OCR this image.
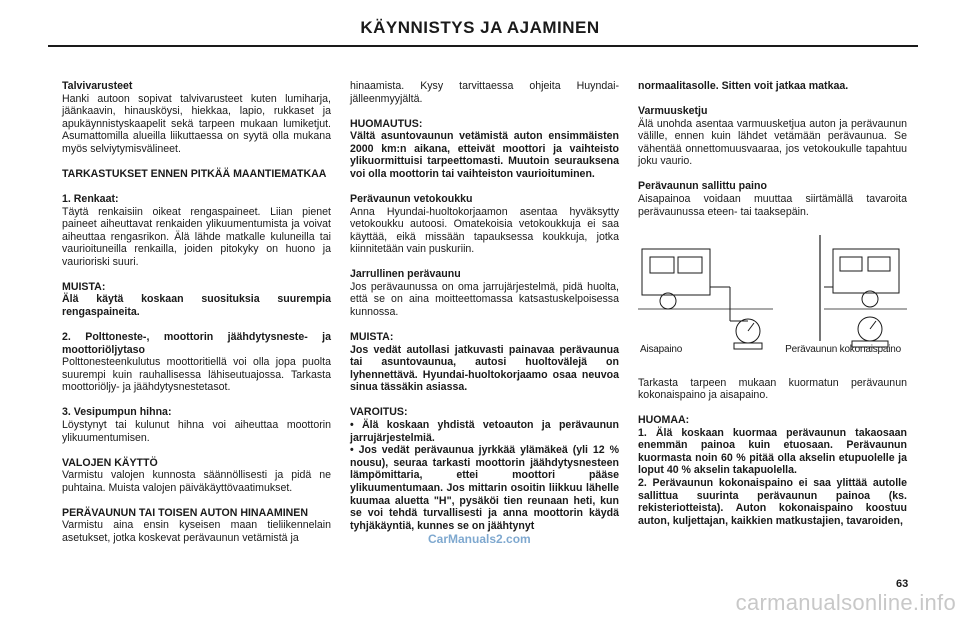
KÄYNNISTYS JA AJAMINEN

Talvivarusteet

Hanki autoon sopivat talvivarusteet kuten lumiharja, jäänkaavin, hinausköysi, hiekkaa, lapio, rukkaset ja apukäynnistyskaapelit sekä tarpeen mukaan lumiketjut. Asumattomilla alueilla liikuttaessa on syytä olla mukana myös selviytymisvälineet.

TARKASTUKSET ENNEN PITKÄÄ MAANTIEMATKAA

1. Renkaat:

Täytä renkaisiin oikeat rengaspaineet. Liian pienet paineet aiheuttavat renkaiden ylikuumentumista ja voivat aiheuttaa rengasrikon. Älä lähde matkalle kuluneilla tai vaurioituneilla renkailla, joiden pitokyky on huono ja vaurioriski suuri.

MUISTA:

Älä käytä koskaan suosituksia suurempia rengaspaineita.

2. Polttoneste-, moottorin jäähdytysneste- ja moottoriöljytaso

Polttonesteenkulutus moottoritiellä voi olla jopa puolta suurempi kuin rauhallisessa lähiseutuajossa. Tarkasta moottoriöljy- ja jäähdytysnestetasot.

3. Vesipumpun hihna:

Löystynyt tai kulunut hihna voi aiheuttaa moottorin ylikuumentumisen.

VALOJEN KÄYTTÖ

Varmistu valojen kunnosta säännöllisesti ja pidä ne puhtaina. Muista valojen päiväkäyttövaatimukset.

PERÄVAUNUN TAI TOISEN AUTON HINAAMINEN

Varmistu aina ensin kyseisen maan tieliikennelain asetukset, jotka koskevat perävaunun vetämistä ja

hinaamista. Kysy tarvittaessa ohjeita Huyndai-jälleenmyyjältä.

HUOMAUTUS:

Vältä asuntovaunun vetämistä auton ensimmäisten 2000 km:n aikana, etteivät moottori ja vaihteisto ylikuormittuisi tarpeettomasti. Muutoin seurauksena voi olla moottorin tai vaihteiston vaurioituminen.

Perävaunun vetokoukku

Anna Hyundai-huoltokorjaamon asentaa hyväksytty vetokoukku autoosi. Omatekoisia vetokoukkuja ei saa käyttää, eikä missään tapauksessa koukkuja, jotka kiinnitetään vain puskuriin.

Jarrullinen perävaunu

Jos perävaunussa on oma jarrujärjestelmä, pidä huolta, että se on aina moitteettomassa katsastuskelpoisessa kunnossa.

MUISTA:

Jos vedät autollasi jatkuvasti painavaa perävaunua tai asuntovaunua, autosi huoltovälejä on lyhennettävä. Hyundai-huoltokorjaamo osaa neuvoa sinua tässäkin asiassa.

VAROITUS:

• Älä koskaan yhdistä vetoauton ja perävaunun jarrujärjestelmiä.
• Jos vedät perävaunua jyrkkää ylämäkeä (yli 12 % nousu), seuraa tarkasti moottorin jäähdytysnesteen lämpömittaria, ettei moottori pääse ylikuumentumaan. Jos mittarin osoitin liikkuu lähelle kuumaa aluetta "H", pysäköi tien reunaan heti, kun se voi tehdä turvallisesti ja anna moottorin käydä tyhjäkäyntiä, kunnes se on jäähtynyt

normaalitasolle. Sitten voit jatkaa matkaa.

Varmuusketju

Älä unohda asentaa varmuusketjua auton ja perävaunun välille, ennen kuin lähdet vetämään perävaunua. Se vähentää onnettomuusvaaraa, jos vetokoukulle tapahtuu joku vaurio.

Perävaunun sallittu paino

Aisapainoa voidaan muuttaa siirtämällä tavaroita perävaunussa eteen- tai taaksepäin.

Aisapaino	Perävaunun kokonaispaino

Tarkasta tarpeen mukaan kuormatun perävaunun kokonaispaino ja aisapaino.

HUOMAA:

1. Älä koskaan kuormaa perävaunun takaosaan enemmän painoa kuin etuosaan. Perävaunun kuormasta noin 60 % pitää olla akselin etupuolelle ja loput 40 % akselin takapuolella.
2. Perävaunun kokonaispaino ei saa ylittää autolle sallittua suurinta perävaunun painoa (ks. rekisteriotteista). Auton kokonaispaino koostuu auton, kuljettajan, kaikkien matkustajien, tavaroiden,

CarManuals2.com
63
carmanualsonline.info
